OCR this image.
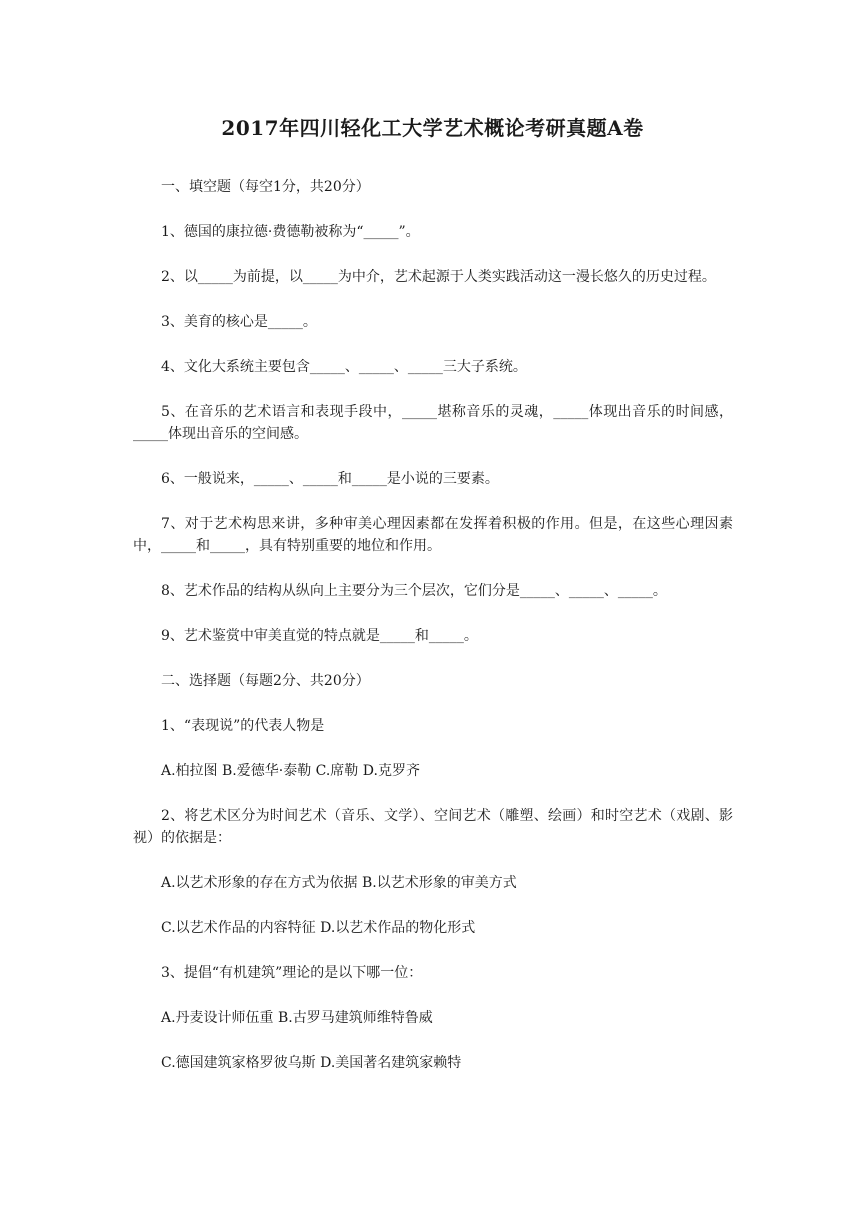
2017年四川轻化工大学艺术概论考研真题A卷

一、填空题（每空1分，共20分）

1、德国的康拉德·费德勒被称为“_____”。

2、以_____为前提，以_____为中介，艺术起源于人类实践活动这一漫长悠久的历史过程。

3、美育的核心是_____。

4、文化大系统主要包含_____、_____、_____三大子系统。

5、在音乐的艺术语言和表现手段中，_____堪称音乐的灵魂，_____体现出音乐的时间感，_____体现出音乐的空间感。

6、一般说来，_____、_____和_____是小说的三要素。

7、对于艺术构思来讲，多种审美心理因素都在发挥着积极的作用。但是，在这些心理因素中，_____和_____，具有特别重要的地位和作用。

8、艺术作品的结构从纵向上主要分为三个层次，它们分是_____、_____、_____。

9、艺术鉴赏中审美直觉的特点就是_____和_____。

二、选择题（每题2分、共20分）

1、“表现说”的代表人物是

A.柏拉图 B.爱德华·泰勒 C.席勒 D.克罗齐

2、将艺术区分为时间艺术（音乐、文学）、空间艺术（雕塑、绘画）和时空艺术（戏剧、影视）的依据是：

A.以艺术形象的存在方式为依据 B.以艺术形象的审美方式

C.以艺术作品的内容特征 D.以艺术作品的物化形式

3、提倡“有机建筑”理论的是以下哪一位：

A.丹麦设计师伍重 B.古罗马建筑师维特鲁威

C.德国建筑家格罗彼乌斯 D.美国著名建筑家赖特
